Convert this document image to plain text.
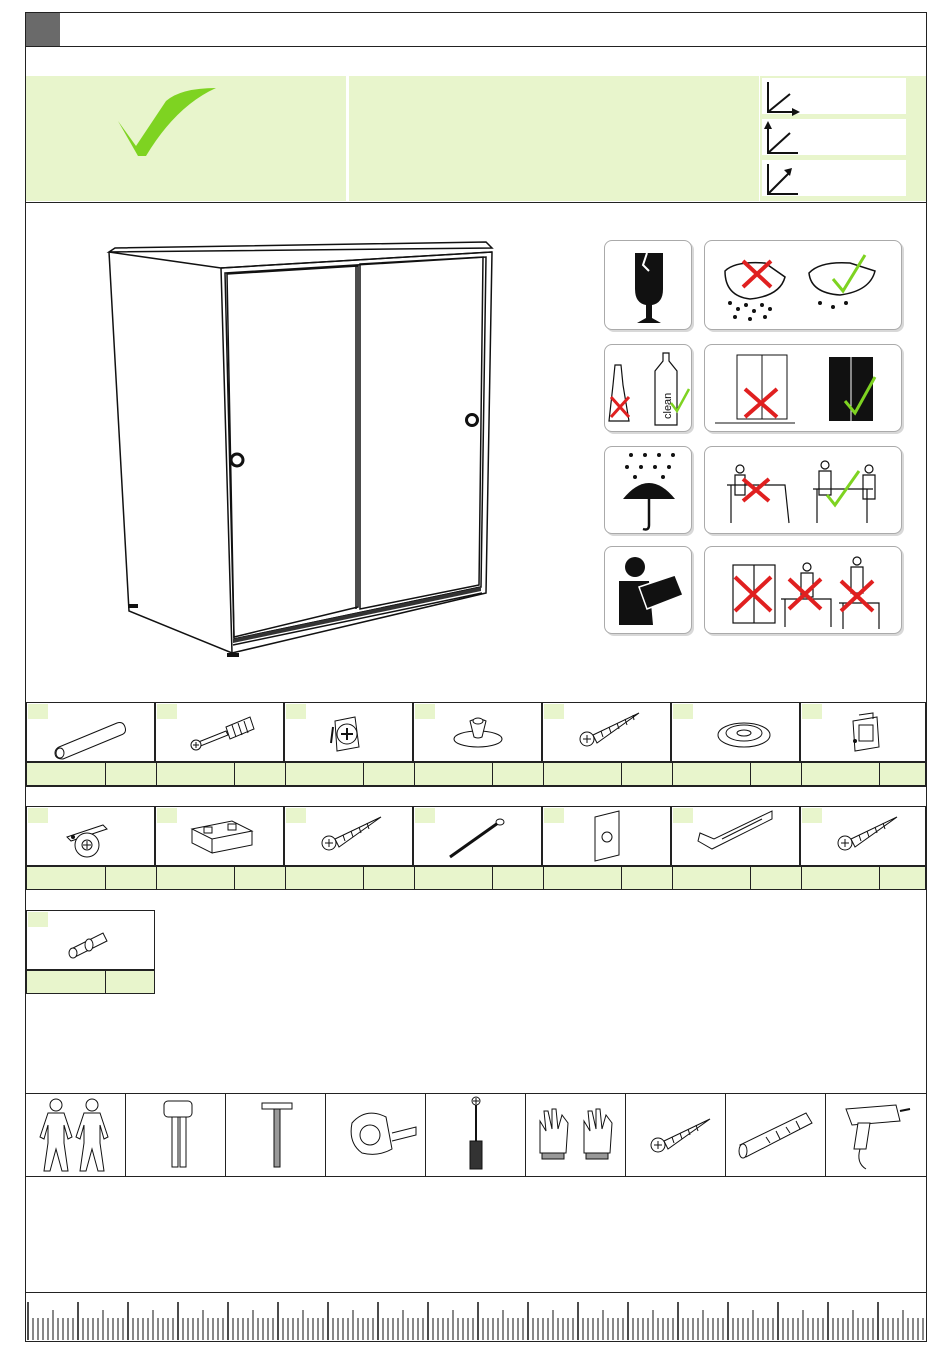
clean
